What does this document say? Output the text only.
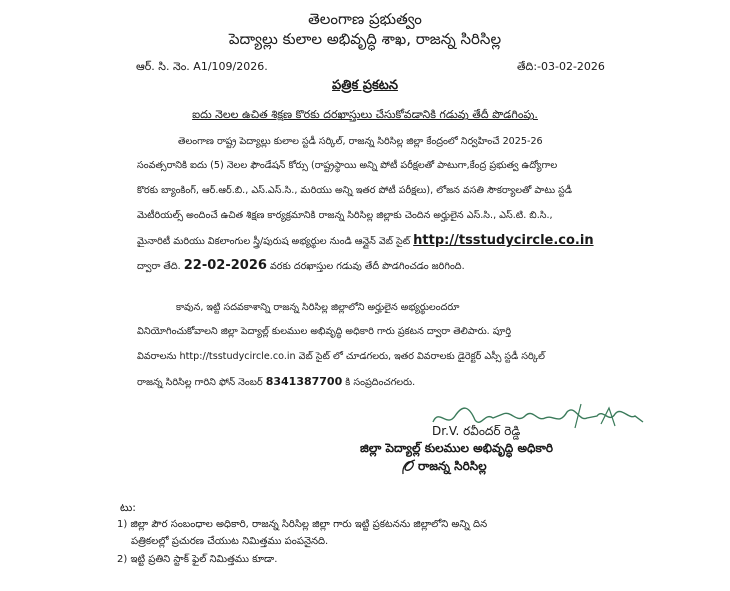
తెలంగాణ ప్రభుత్వం
పెద్యాల్లు కులాల అభివృద్ధి శాఖ, రాజన్న సిరిసిల్ల
ఆర్. సి. నెం. A1/109/2026.	తేది:-03-02-2026
పత్రిక ప్రకటన
ఐదు నెలల ఉచిత శిక్షణ కొరకు దరఖాస్తులు చేసుకోవడానికి గడువు తేదీ పొడగింపు.
తెలంగాణ రాష్ట్ర పెద్యాల్లు కులాల స్టడీ సర్కిల్, రాజన్న సిరిసిల్ల జిల్లా కేంద్రంలో నిర్వహించే 2025-26
సంవత్సరానికి ఐదు (5) నెలల ఫౌండేషన్ కోర్సు (రాష్ట్రస్థాయి అన్ని పోటీ పరీక్షలతో పాటుగా,కేంద్ర ప్రభుత్వ ఉద్యోగాల
కొరకు బ్యాంకింగ్, ఆర్.ఆర్.బి., ఎస్.ఎస్.సి., మరియు అన్ని ఇతర పోటీ పరీక్షలు), లోజన వసతి సౌకర్యాలతో పాటు స్టడీ
మెటీరియల్స్ అందించే ఉచిత శిక్షణ కార్యక్రమానికి రాజన్న సిరిసిల్ల జిల్లాకు చెందిన అర్హులైన ఎస్.సి., ఎస్.టి. బి.సి.,
మైనారిటీ మరియు వికలాంగుల స్త్రీ/పురుష అభ్యర్థుల నుండి ఆన్లైన్ వెబ్ సైట్ http://tsstudycircle.co.in
ద్వారా తేది. 22-02-2026 వరకు దరఖాస్తుల గడువు తేదీ పొడగించడం జరిగింది.
కావున, ఇట్టి సదవకాశాన్ని రాజన్న సిరిసిల్ల జిల్లాలోని అర్హులైన అభ్యర్థులందరూ
వినియోగించుకోవాలని జిల్లా పెద్యాల్ల్ కులముల అభివృద్ధి అధికారి గారు ప్రకటన ద్వారా తెలిపారు. పూర్తి
వివరాలను http://tsstudycircle.co.in వెబ్ సైట్ లో చూడగలరు, ఇతర వివరాలకు డైరెక్టర్ ఎస్సీ స్టడీ సర్కిల్
రాజన్న సిరిసిల్ల గారిని ఫోన్ నెంబర్ 8341387700 కి సంప్రదించగలరు.
Dr.V. రవీందర్ రెడ్డి
జిల్లా పెద్యాల్ల్ కులముల అభివృద్ధి అధికారి
రాజన్న సిరిసిల్ల
టు:
1) జిల్లా పౌర సంబంధాల అధికారి, రాజన్న సిరిసిల్ల జిల్లా గారు ఇట్టి ప్రకటనను జిల్లాలోని అన్ని దిన
పత్రికలల్లో ప్రచురణ చేయుట నిమిత్తము పంపనైనది.
2) ఇట్టి ప్రతిని స్టాక్ ఫైల్ నిమిత్తము కూడా.
